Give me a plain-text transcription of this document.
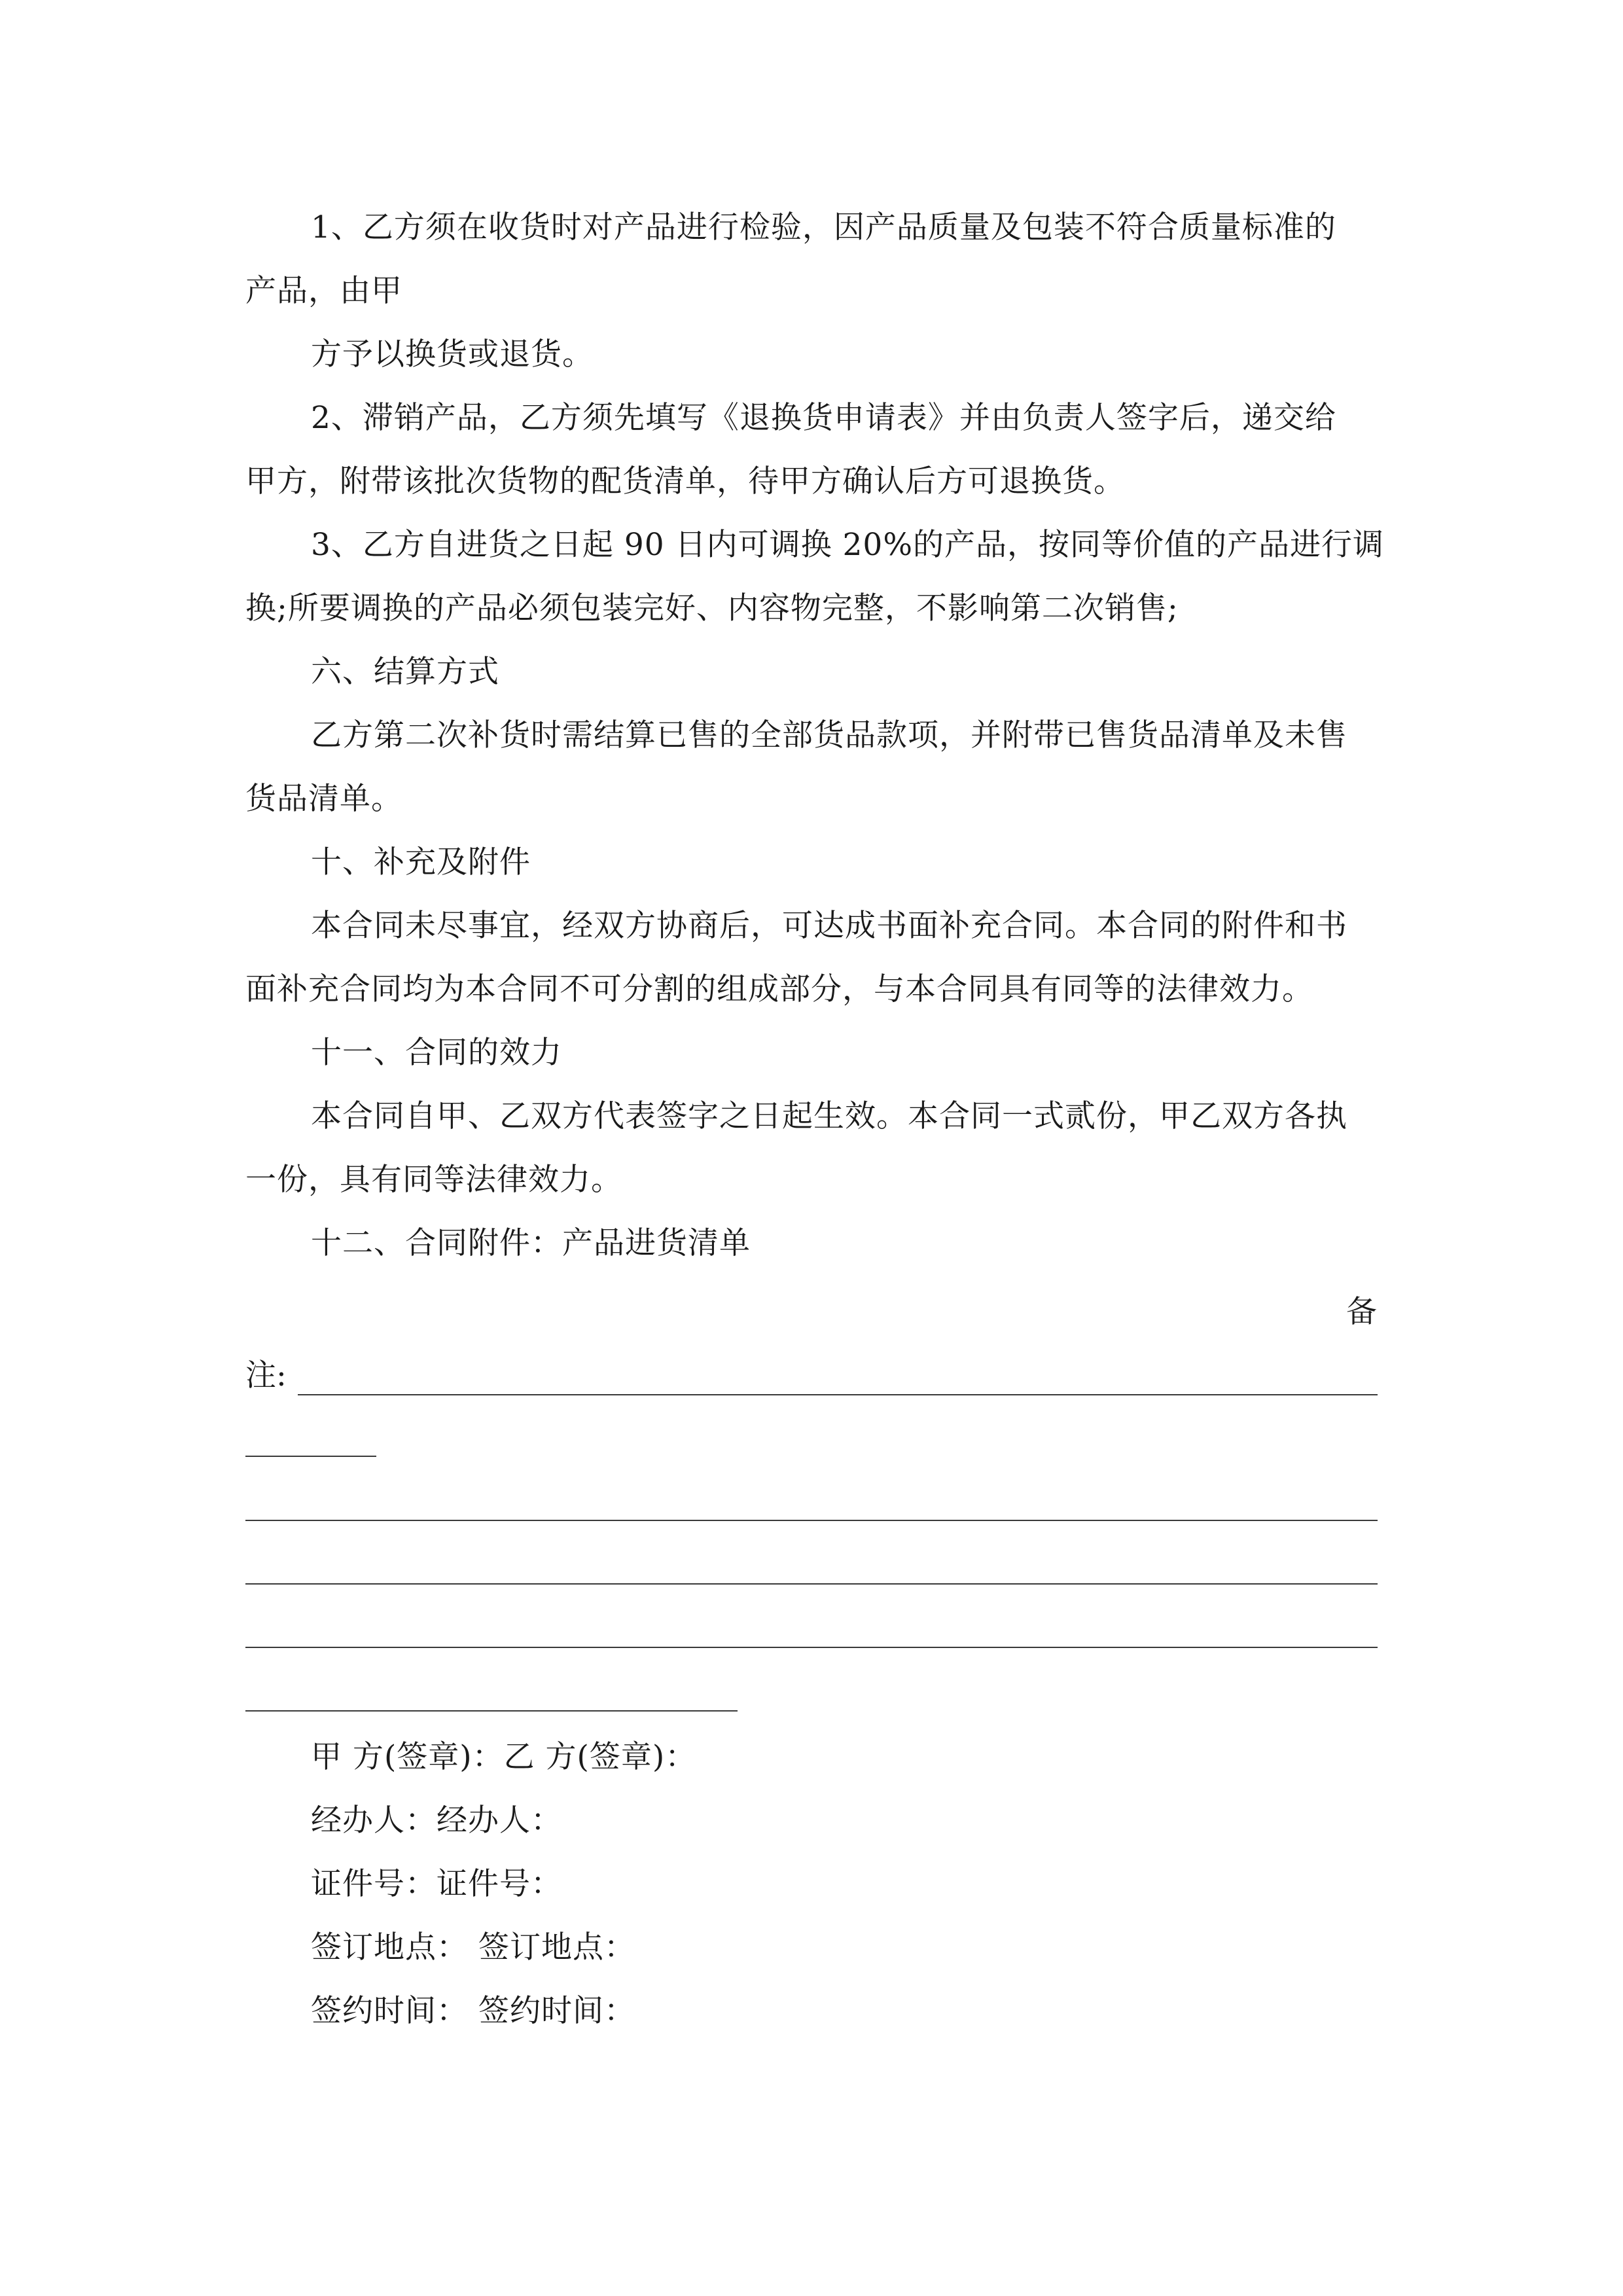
1、乙方须在收货时对产品进行检验，因产品质量及包装不符合质量标准的
产品，由甲
方予以换货或退货。
2、滞销产品，乙方须先填写《退换货申请表》并由负责人签字后，递交给
甲方，附带该批次货物的配货清单，待甲方确认后方可退换货。
3、乙方自进货之日起 90 日内可调换 20%的产品，按同等价值的产品进行调
换;所要调换的产品必须包装完好、内容物完整，不影响第二次销售;
六、结算方式
乙方第二次补货时需结算已售的全部货品款项，并附带已售货品清单及未售
货品清单。
十、补充及附件
本合同未尽事宜，经双方协商后，可达成书面补充合同。本合同的附件和书
面补充合同均为本合同不可分割的组成部分，与本合同具有同等的法律效力。
十一、合同的效力
本合同自甲、乙双方代表签字之日起生效。本合同一式贰份，甲乙双方各执
一份，具有同等法律效力。
十二、合同附件：产品进货清单
备
注:
甲 方(签章)：乙 方(签章)：
经办人：经办人：
证件号：证件号：
签订地点： 签订地点：
签约时间： 签约时间：
